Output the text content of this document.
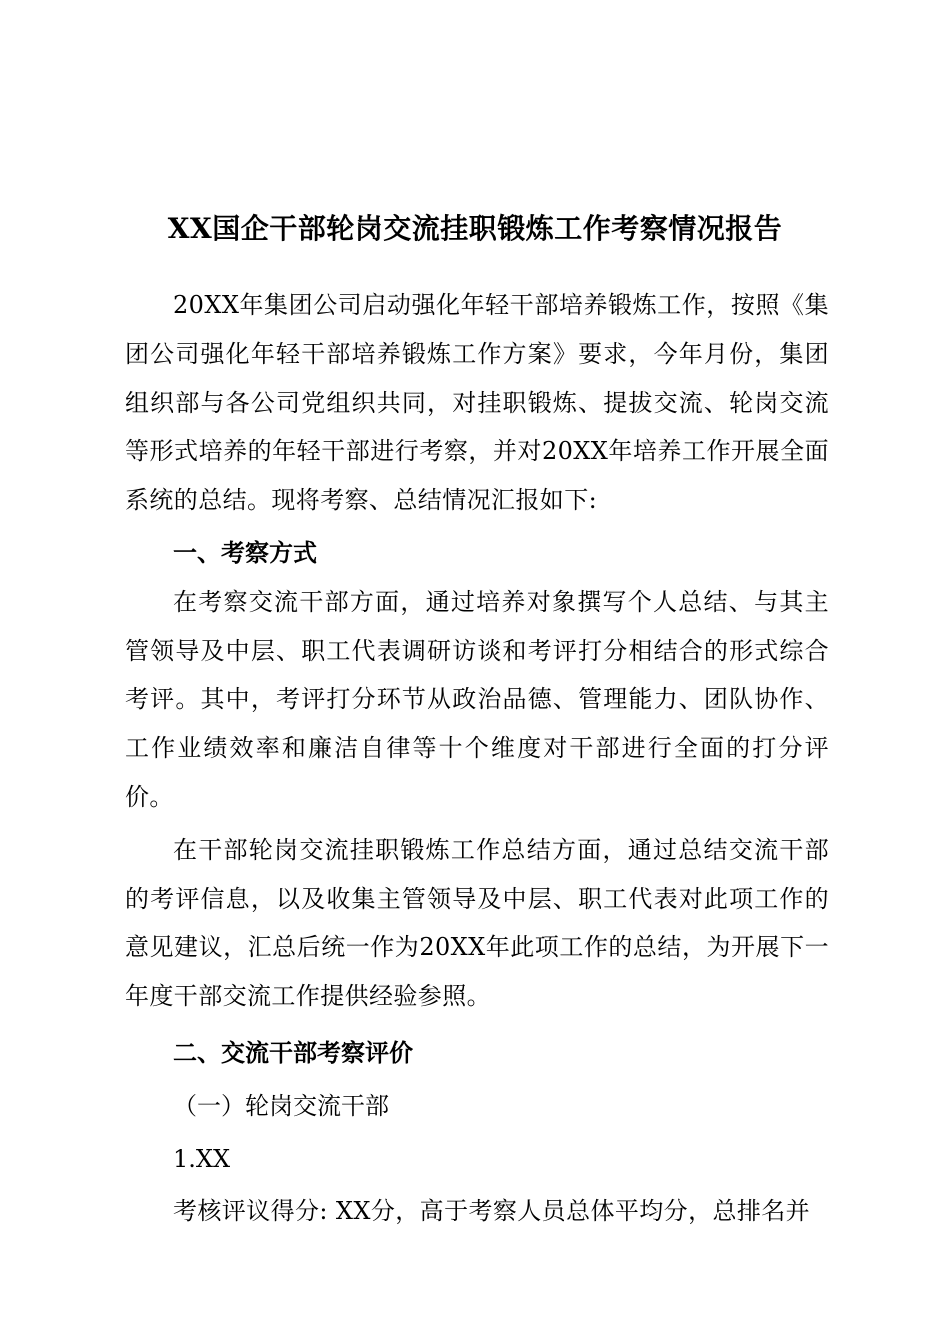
XX国企干部轮岗交流挂职锻炼工作考察情况报告

20XX年集团公司启动强化年轻干部培养锻炼工作，按照《集团公司强化年轻干部培养锻炼工作方案》要求，今年月份，集团组织部与各公司党组织共同，对挂职锻炼、提拔交流、轮岗交流等形式培养的年轻干部进行考察，并对20XX年培养工作开展全面系统的总结。现将考察、总结情况汇报如下:

一、考察方式

在考察交流干部方面，通过培养对象撰写个人总结、与其主管领导及中层、职工代表调研访谈和考评打分相结合的形式综合考评。其中，考评打分环节从政治品德、管理能力、团队协作、工作业绩效率和廉洁自律等十个维度对干部进行全面的打分评价。

在干部轮岗交流挂职锻炼工作总结方面，通过总结交流干部的考评信息，以及收集主管领导及中层、职工代表对此项工作的意见建议，汇总后统一作为20XX年此项工作的总结，为开展下一年度干部交流工作提供经验参照。

二、交流干部考察评价

（一）轮岗交流干部

1.XX

考核评议得分: XX分，高于考察人员总体平均分，总排名并
